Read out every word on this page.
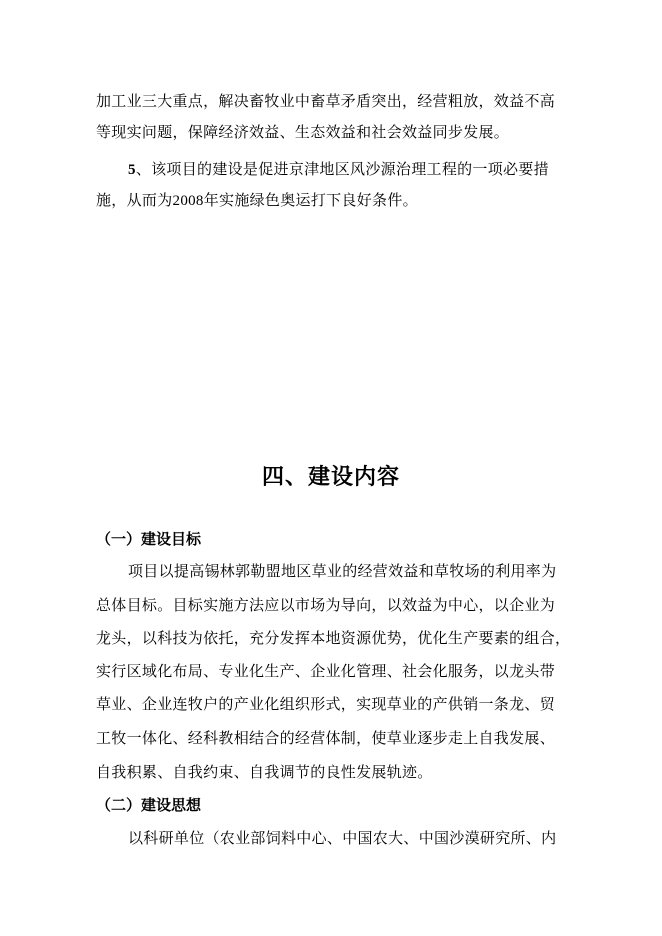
加工业三大重点，解决畜牧业中畜草矛盾突出，经营粗放，效益不高
等现实问题，保障经济效益、生态效益和社会效益同步发展。
5、该项目的建设是促进京津地区风沙源治理工程的一项必要措
施，从而为2008年实施绿色奥运打下良好条件。
四、建设内容
（一）建设目标
项目以提高锡林郭勒盟地区草业的经营效益和草牧场的利用率为
总体目标。目标实施方法应以市场为导向，以效益为中心，以企业为
龙头，以科技为依托，充分发挥本地资源优势，优化生产要素的组合，
实行区域化布局、专业化生产、企业化管理、社会化服务，以龙头带
草业、企业连牧户的产业化组织形式，实现草业的产供销一条龙、贸
工牧一体化、经科教相结合的经营体制，使草业逐步走上自我发展、
自我积累、自我约束、自我调节的良性发展轨迹。
（二）建设思想
以科研单位（农业部饲料中心、中国农大、中国沙漠研究所、内
